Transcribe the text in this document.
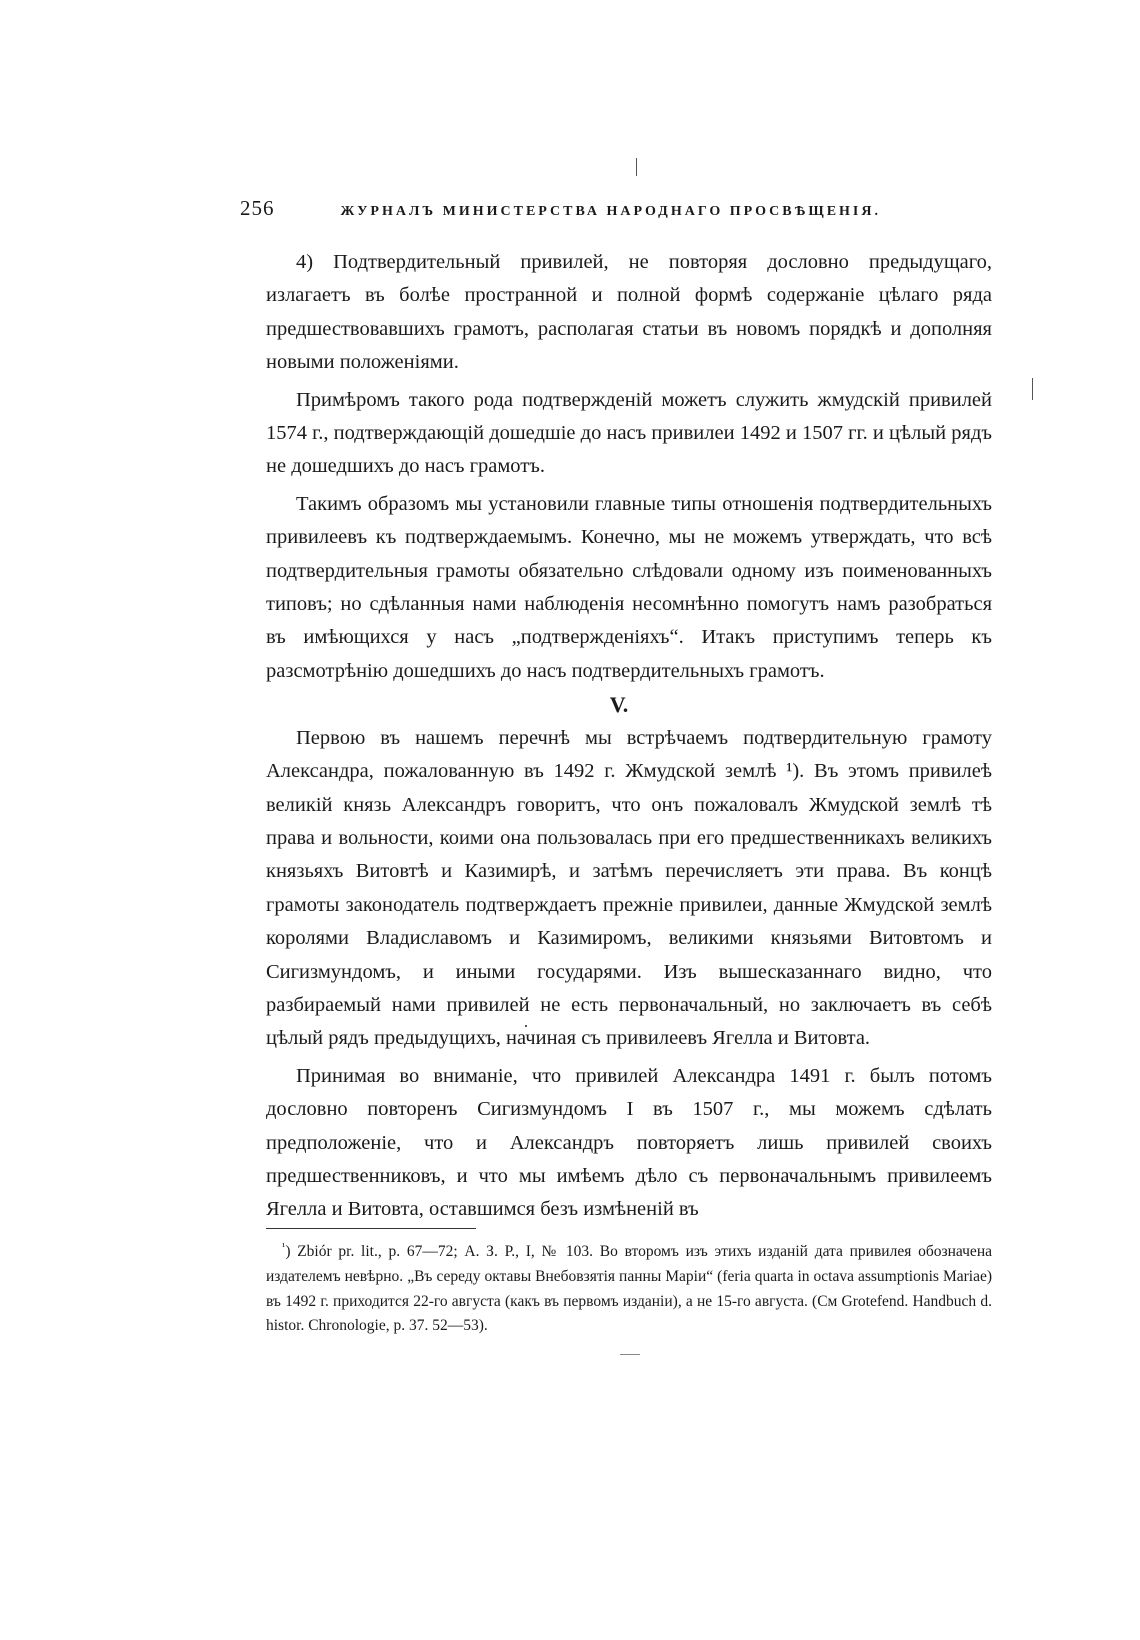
256	ЖУРНАЛЪ МИНИСТЕРСТВА НАРОДНАГО ПРОСВѢЩЕНІЯ.

4) Подтвердительный привилей, не повторяя дословно предыдущаго, излагаетъ въ болѣе пространной и полной формѣ содержаніе цѣлаго ряда предшествовавшихъ грамотъ, располагая статьи въ новомъ порядкѣ и дополняя новыми положеніями.

Примѣромъ такого рода подтвержденій можетъ служить жмудскій привилей 1574 г., подтверждающій дошедшіе до насъ привилеи 1492 и 1507 гг. и цѣлый рядъ не дошедшихъ до насъ грамотъ.

Такимъ образомъ мы установили главные типы отношенія подтвердительныхъ привилеевъ къ подтверждаемымъ. Конечно, мы не можемъ утверждать, что всѣ подтвердительныя грамоты обязательно слѣдовали одному изъ поименованныхъ типовъ; но сдѣланныя нами наблюденія несомнѣнно помогутъ намъ разобраться въ имѣющихся у насъ „подтвержденіяхъ“. Итакъ приступимъ теперь къ разсмотрѣнію дошедшихъ до насъ подтвердительныхъ грамотъ.

V.

Первою въ нашемъ перечнѣ мы встрѣчаемъ подтвердительную грамоту Александра, пожалованную въ 1492 г. Жмудской землѣ ¹). Въ этомъ привилеѣ великій князь Александръ говоритъ, что онъ пожаловалъ Жмудской землѣ тѣ права и вольности, коими она пользовалась при его предшественникахъ великихъ князьяхъ Витовтѣ и Казимирѣ, и затѣмъ перечисляетъ эти права. Въ концѣ грамоты законодатель подтверждаетъ прежніе привилеи, данные Жмудской землѣ королями Владиславомъ и Казимиромъ, великими князьями Витовтомъ и Сигизмундомъ, и иными государями. Изъ вышесказаннаго видно, что разбираемый нами привилей не есть первоначальный, но заключаетъ въ себѣ цѣлый рядъ предыдущихъ, начиная съ привилеевъ Ягелла и Витовта.

Принимая во вниманіе, что привилей Александра 1491 г. былъ потомъ дословно повторенъ Сигизмундомъ I въ 1507 г., мы можемъ сдѣлать предположеніе, что и Александръ повторяетъ лишь привилей своихъ предшественниковъ, и что мы имѣемъ дѣло съ первоначальнымъ привилеемъ Ягелла и Витовта, оставшимся безъ измѣненій въ

$^{^1}$) Zbiór pr. lit., p. 67—72; А. З. Р., I, № 103. Во второмъ изъ этихъ изданій дата привилея обозначена издателемъ невѣрно. „Въ середу октавы Внебовзятія панны Маріи“ (feria quarta in octava assumptionis Mariae) въ 1492 г. приходится 22-го августа (какъ въ первомъ изданіи), а не 15-го августа. (См Grotefend. Handbuch d. histor. Chronologie, p. 37. 52—53).
